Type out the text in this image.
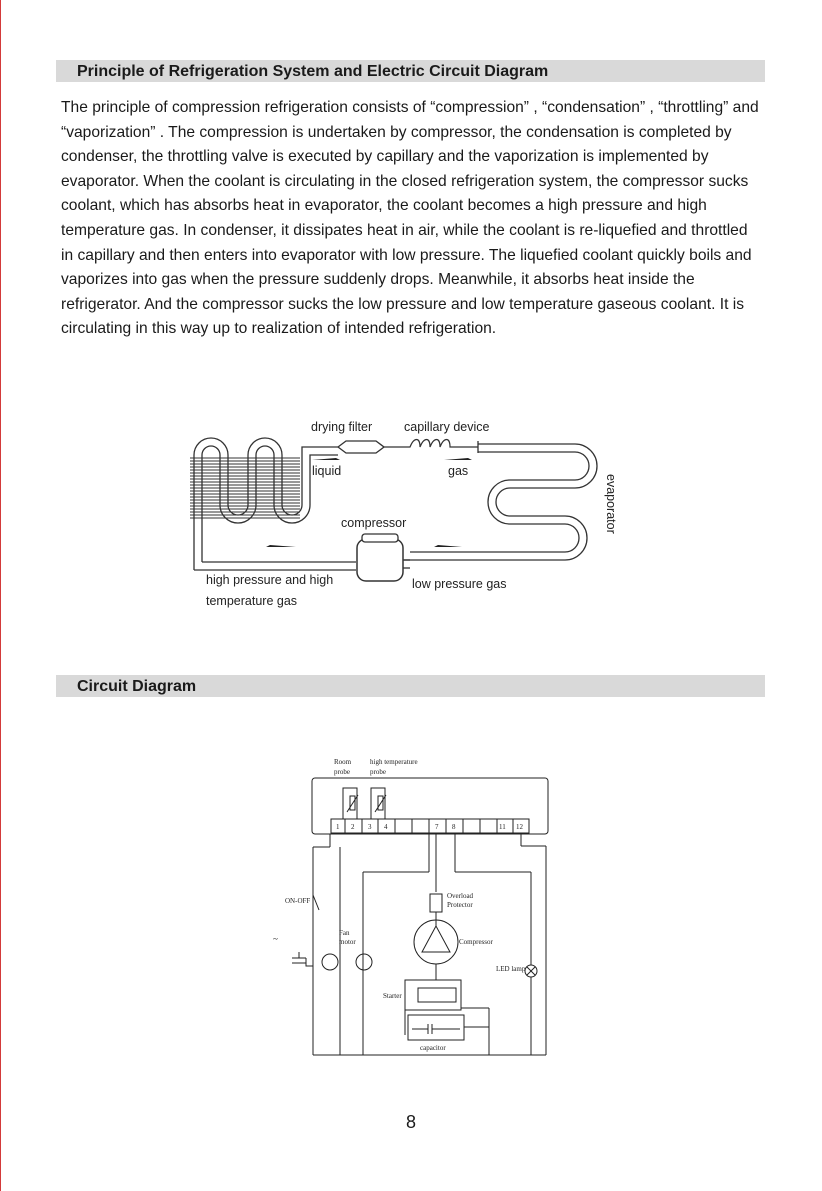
Principle of Refrigeration System and Electric Circuit Diagram

The principle of compression refrigeration consists of “compression” , “condensation” , “throttling” and “vaporization” . The compression is undertaken by compressor, the condensation is completed by condenser, the throttling valve is executed by capillary and the vaporization is implemented by evaporator. When the coolant is circulating in the closed refrigeration system, the compressor sucks coolant, which has absorbs heat in evaporator, the coolant becomes a high pressure and high temperature gas. In condenser, it dissipates heat in air, while the coolant is re-liquefied and throttled in capillary and then enters into evaporator with low pressure. The liquefied coolant quickly boils and vaporizes into gas when the pressure suddenly drops. Meanwhile, it absorbs heat inside the refrigerator. And the compressor sucks the low pressure and low temperature gaseous coolant. It is circulating in this way up to realization of intended refrigeration.

drying filter	capillary device
liquid	gas
compressor	evaporator
high pressure and high
temperature gas
low pressure gas
Circuit Diagram
Room
probe
high temperature
probe
1 2 3 4	7 8	11 12
ON-OFF
~
Fan
motor
Overload
Protector
Compressor
LED lamp
Starter
capacitor
8
